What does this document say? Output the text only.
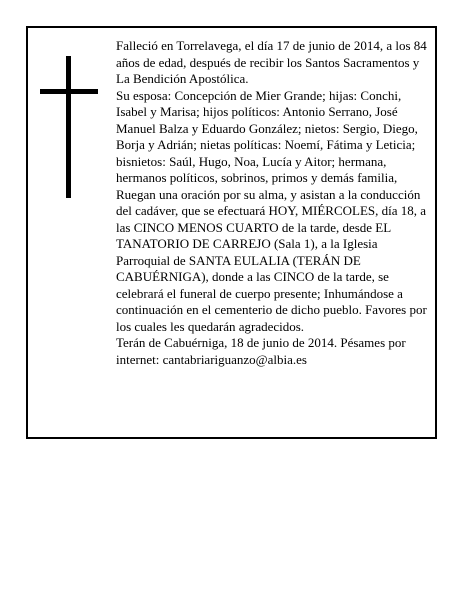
Falleció en Torrelavega, el día 17 de junio de 2014, a los 84 años de edad, después de recibir los Santos Sacramentos y La Bendición Apostólica.

Su esposa: Concepción de Mier Grande; hijas: Conchi, Isabel y Marisa; hijos políticos: Antonio Serrano, José Manuel Balza y Eduardo González; nietos: Sergio, Diego, Borja y Adrián; nietas políticas: Noemí, Fátima y Leticia; bisnietos: Saúl, Hugo, Noa, Lucía y Aitor; hermana, hermanos políticos, sobrinos, primos y demás familia,

Ruegan una oración por su alma, y asistan a la conducción del cadáver, que se efectuará HOY, MIÉRCOLES, día 18, a las CINCO MENOS CUARTO de la tarde, desde EL TANATORIO DE CARREJO (Sala 1), a la Iglesia Parroquial de SANTA EULALIA (TERÁN DE CABUÉRNIGA), donde a las CINCO de la tarde, se celebrará el funeral de cuerpo presente; Inhumándose a continuación en el cementerio de dicho pueblo. Favores por los cuales les quedarán agradecidos.

Terán de Cabuérniga, 18 de junio de 2014. Pésames por internet: cantabriariguanzo@albia.es
